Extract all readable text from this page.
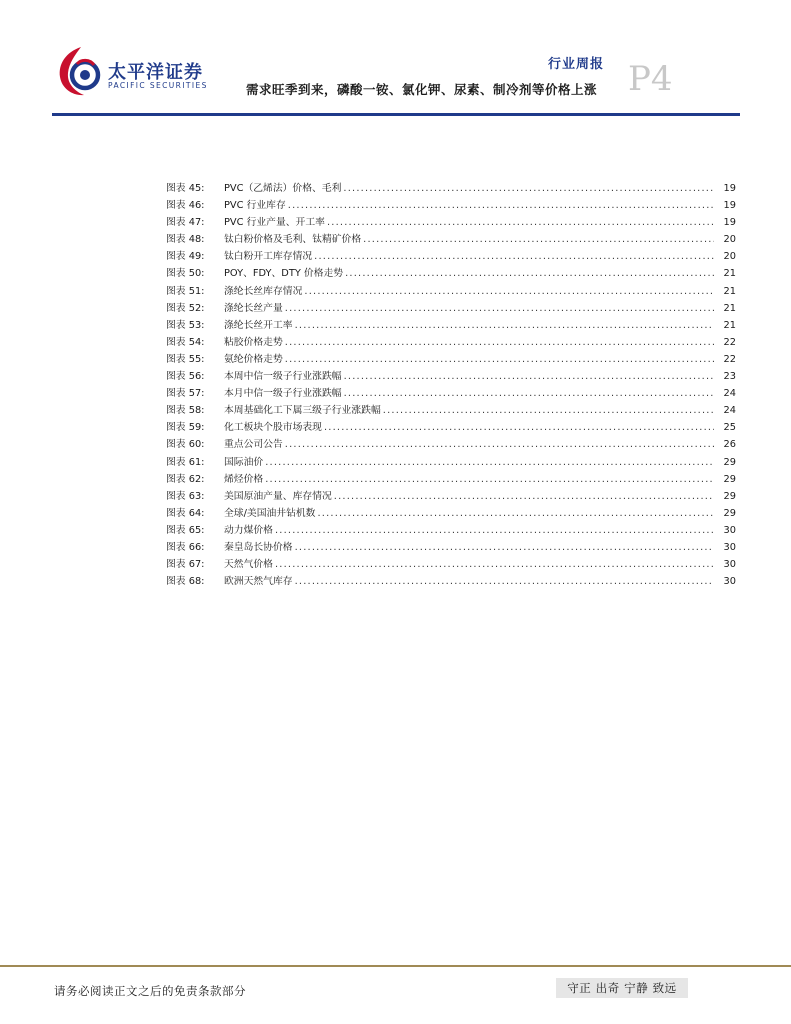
太平洋证券
PACIFIC SECURITIES
行业周报
需求旺季到来，磷酸一铵、氯化钾、尿素、制冷剂等价格上涨 P4
图表 45:	PVC（乙烯法）价格、毛利 .....	19
图表 46:	PVC 行业库存 .....	19
图表 47:	PVC 行业产量、开工率 .....	19
图表 48:	钛白粉价格及毛利、钛精矿价格 .....	20
图表 49:	钛白粉开工库存情况 .....	20
图表 50:	POY、FDY、DTY 价格走势 .....	21
图表 51:	涤纶长丝库存情况 .....	21
图表 52:	涤纶长丝产量 .....	21
图表 53:	涤纶长丝开工率 .....	21
图表 54:	粘胶价格走势 .....	22
图表 55:	氨纶价格走势 .....	22
图表 56:	本周中信一级子行业涨跌幅 .....	23
图表 57:	本月中信一级子行业涨跌幅 .....	24
图表 58:	本周基础化工下属三级子行业涨跌幅 .....	24
图表 59:	化工板块个股市场表现 .....	25
图表 60:	重点公司公告 .....	26
图表 61:	国际油价 .....	29
图表 62:	烯烃价格 .....	29
图表 63:	美国原油产量、库存情况 .....	29
图表 64:	全球/美国油井钻机数 .....	29
图表 65:	动力煤价格 .....	30
图表 66:	秦皇岛长协价格 .....	30
图表 67:	天然气价格 .....	30
图表 68:	欧洲天然气库存 .....	30
请务必阅读正文之后的免责条款部分	守正 出奇 宁静 致远
